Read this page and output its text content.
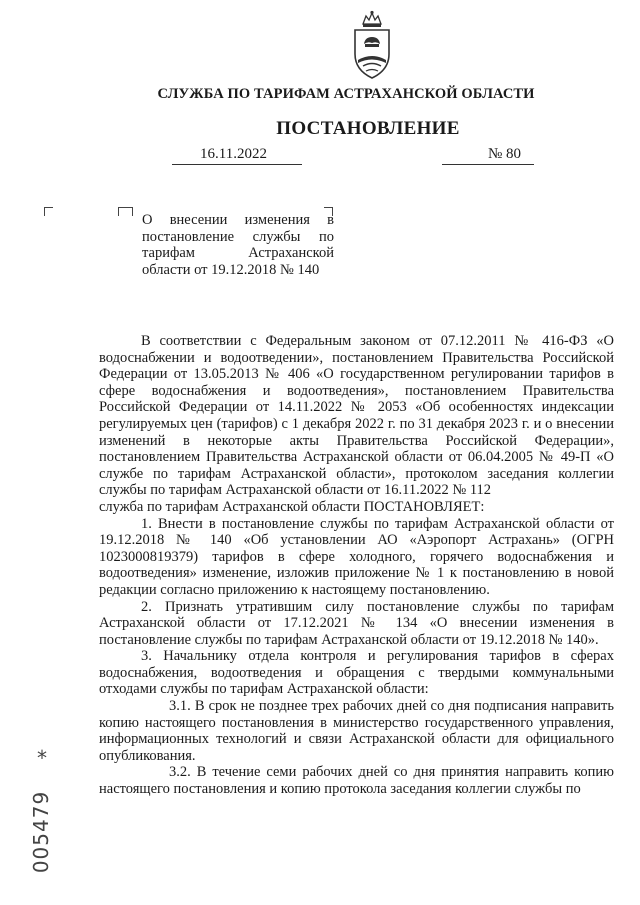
СЛУЖБА ПО ТАРИФАМ АСТРАХАНСКОЙ ОБЛАСТИ
ПОСТАНОВЛЕНИЕ
16.11.2022	№ 80
О внесении изменения в
постановление службы по
тарифам Астраханской
области от 19.12.2018 № 140

В соответствии с Федеральным законом от 07.12.2011 № 416-ФЗ «О водоснабжении и водоотведении», постановлением Правительства Российской Федерации от 13.05.2013 № 406 «О государственном регулировании тарифов в сфере водоснабжения и водоотведения», постановлением Правительства Российской Федерации от 14.11.2022 № 2053 «Об особенностях индексации регулируемых цен (тарифов) с 1 декабря 2022 г. по 31 декабря 2023 г. и о внесении изменений в некоторые акты Правительства Российской Федерации», постановлением Правительства Астраханской области от 06.04.2005 № 49-П «О службе по тарифам Астраханской области», протоколом заседания коллегии службы по тарифам Астраханской области от 16.11.2022 № 112

служба по тарифам Астраханской области ПОСТАНОВЛЯЕТ:

1. Внести в постановление службы по тарифам Астраханской области от 19.12.2018 № 140 «Об установлении АО «Аэропорт Астрахань» (ОГРН 1023000819379) тарифов в сфере холодного, горячего водоснабжения и водоотведения» изменение, изложив приложение № 1 к постановлению в новой редакции согласно приложению к настоящему постановлению.

2. Признать утратившим силу постановление службы по тарифам Астраханской области от 17.12.2021 № 134 «О внесении изменения в постановление службы по тарифам Астраханской области от 19.12.2018 № 140».

3. Начальнику отдела контроля и регулирования тарифов в сферах водоснабжения, водоотведения и обращения с твердыми коммунальными отходами службы по тарифам Астраханской области:

3.1. В срок не позднее трех рабочих дней со дня подписания направить копию настоящего постановления в министерство государственного управления, информационных технологий и связи Астраханской области для официального опубликования.

3.2. В течение семи рабочих дней со дня принятия направить копию настоящего постановления и копию протокола заседания коллегии службы по

*
005479
